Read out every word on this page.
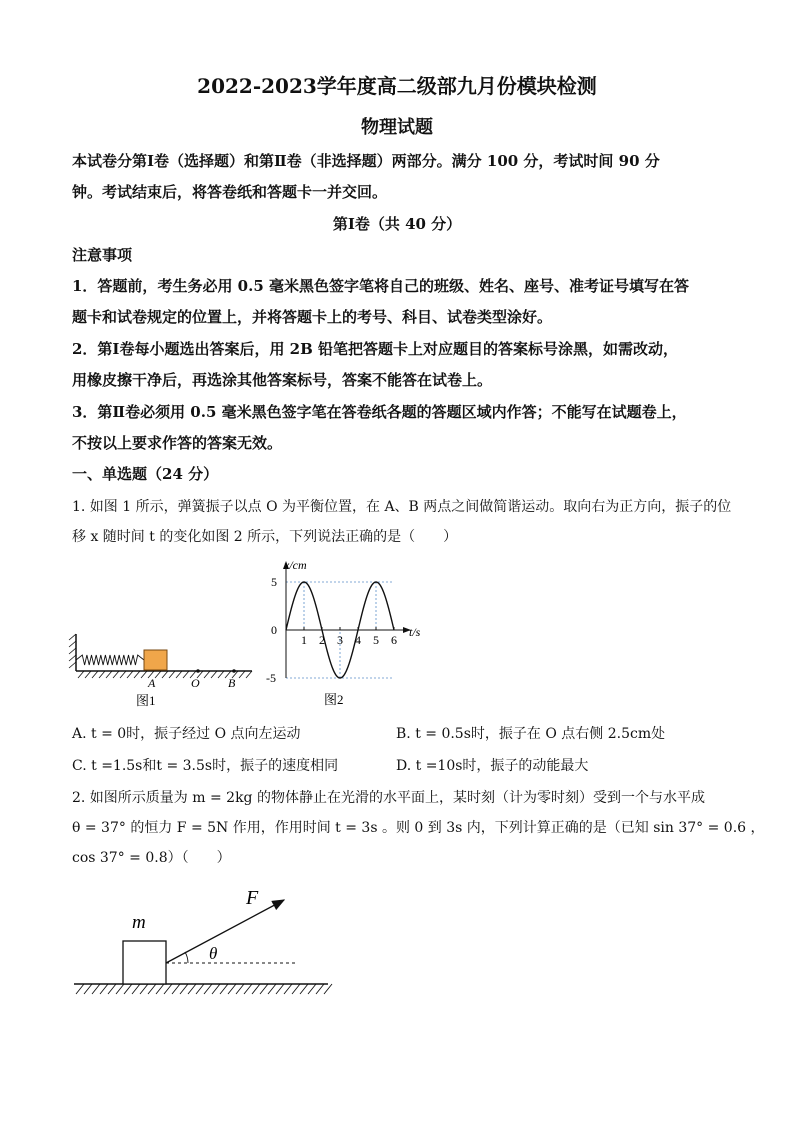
2022-2023学年度高二级部九月份模块检测
物理试题
本试卷分第Ⅰ卷（选择题）和第Ⅱ卷（非选择题）两部分。满分 100 分，考试时间 90 分
钟。考试结束后，将答卷纸和答题卡一并交回。
第Ⅰ卷（共 40 分）
注意事项
1．答题前，考生务必用 0.5 毫米黑色签字笔将自己的班级、姓名、座号、准考证号填写在答
题卡和试卷规定的位置上，并将答题卡上的考号、科目、试卷类型涂好。
2．第Ⅰ卷每小题选出答案后，用 2B 铅笔把答题卡上对应题目的答案标号涂黑，如需改动，
用橡皮擦干净后，再选涂其他答案标号，答案不能答在试卷上。
3．第Ⅱ卷必须用 0.5 毫米黑色签字笔在答卷纸各题的答题区域内作答；不能写在试题卷上，
不按以上要求作答的答案无效。
一、单选题（24 分）
1. 如图 1 所示，弹簧振子以点 O 为平衡位置，在 A、B 两点之间做简谐运动。取向右为正方向，振子的位
移 x 随时间 t 的变化如图 2 所示，下列说法正确的是（　　）
A	O B
图1
x/cm
t/s
0
5
-5
1 2 3 4 5 6
图2
A. t = 0时，振子经过 O 点向左运动	B. t = 0.5s时，振子在 O 点右侧 2.5cm处
C. t =1.5s和t = 3.5s时，振子的速度相同	D. t =10s时，振子的动能最大
2. 如图所示质量为 m = 2kg 的物体静止在光滑的水平面上，某时刻（计为零时刻）受到一个与水平成
θ = 37° 的恒力 F = 5N 作用，作用时间 t = 3s 。则 0 到 3s 内，下列计算正确的是（已知 sin 37° = 0.6 ，
cos 37° = 0.8）（　　）
m
F
θ
